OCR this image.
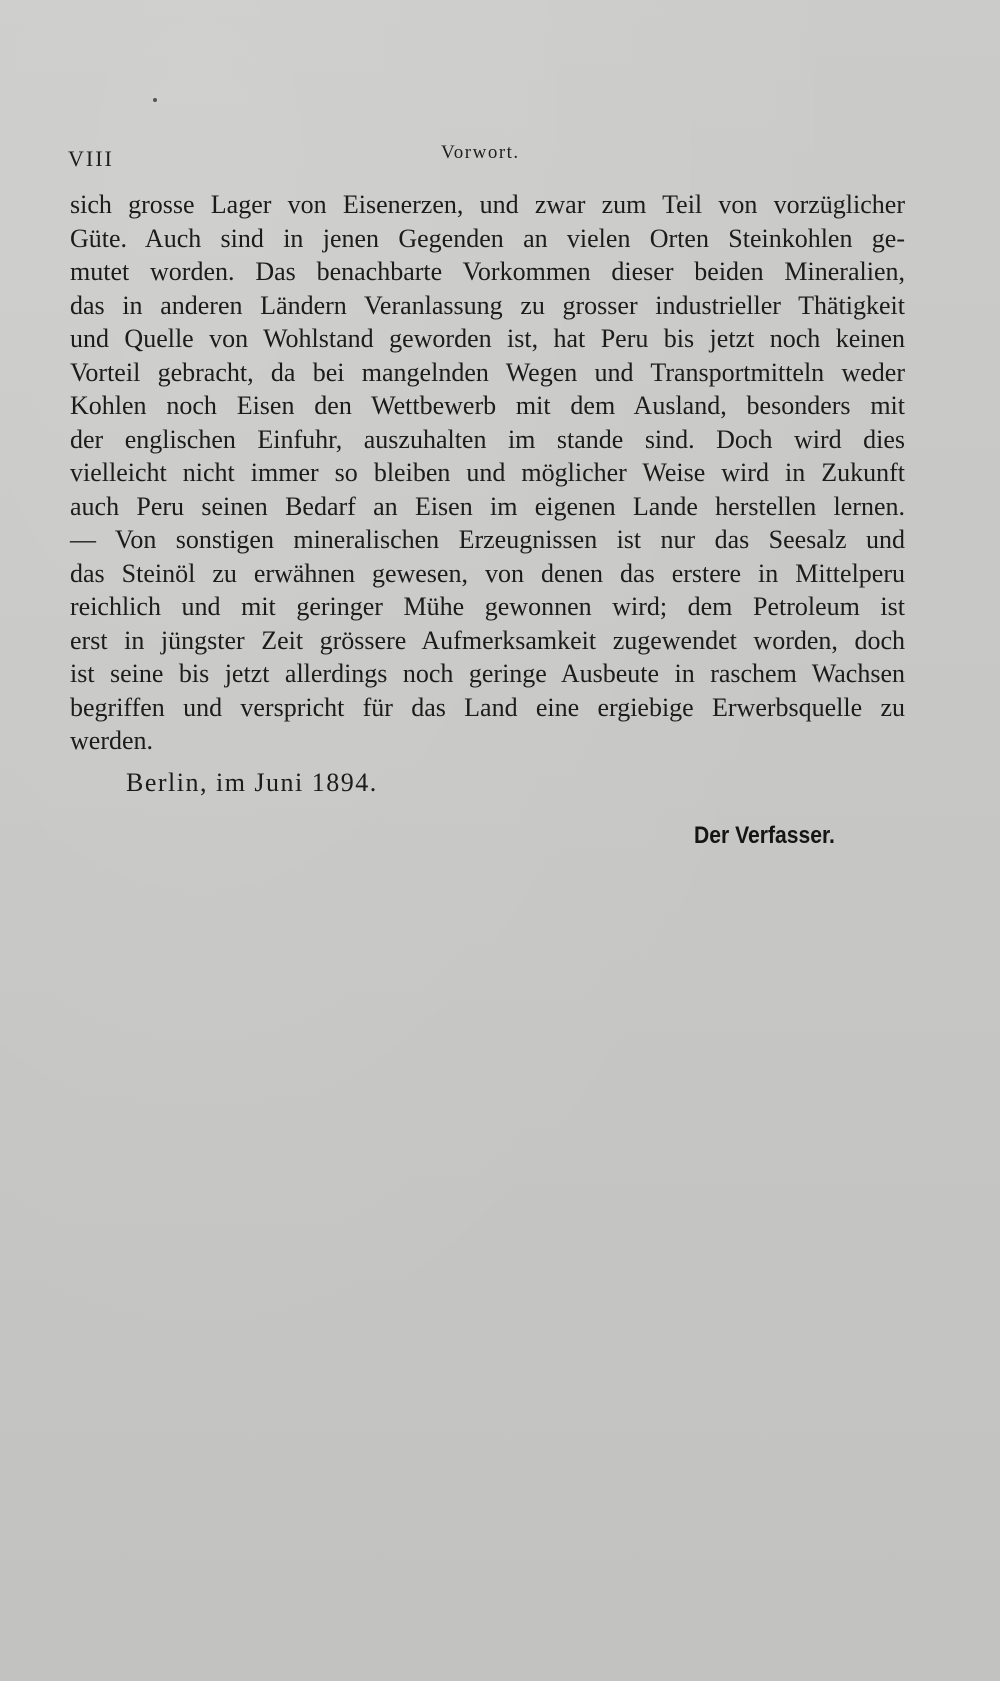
VIII	Vorwort.
sich grosse Lager von Eisenerzen, und zwar zum Teil von vorzüglicher
Güte. Auch sind in jenen Gegenden an vielen Orten Steinkohlen ge-
mutet worden. Das benachbarte Vorkommen dieser beiden Mineralien,
das in anderen Ländern Veranlassung zu grosser industrieller Thätigkeit
und Quelle von Wohlstand geworden ist, hat Peru bis jetzt noch keinen
Vorteil gebracht, da bei mangelnden Wegen und Transportmitteln weder
Kohlen noch Eisen den Wettbewerb mit dem Ausland, besonders mit
der englischen Einfuhr, auszuhalten im stande sind. Doch wird dies
vielleicht nicht immer so bleiben und möglicher Weise wird in Zukunft
auch Peru seinen Bedarf an Eisen im eigenen Lande herstellen lernen.
— Von sonstigen mineralischen Erzeugnissen ist nur das Seesalz und
das Steinöl zu erwähnen gewesen, von denen das erstere in Mittelperu
reichlich und mit geringer Mühe gewonnen wird; dem Petroleum ist
erst in jüngster Zeit grössere Aufmerksamkeit zugewendet worden, doch
ist seine bis jetzt allerdings noch geringe Ausbeute in raschem Wachsen
begriffen und verspricht für das Land eine ergiebige Erwerbsquelle zu
werden.
Berlin, im Juni 1894.
Der Verfasser.
